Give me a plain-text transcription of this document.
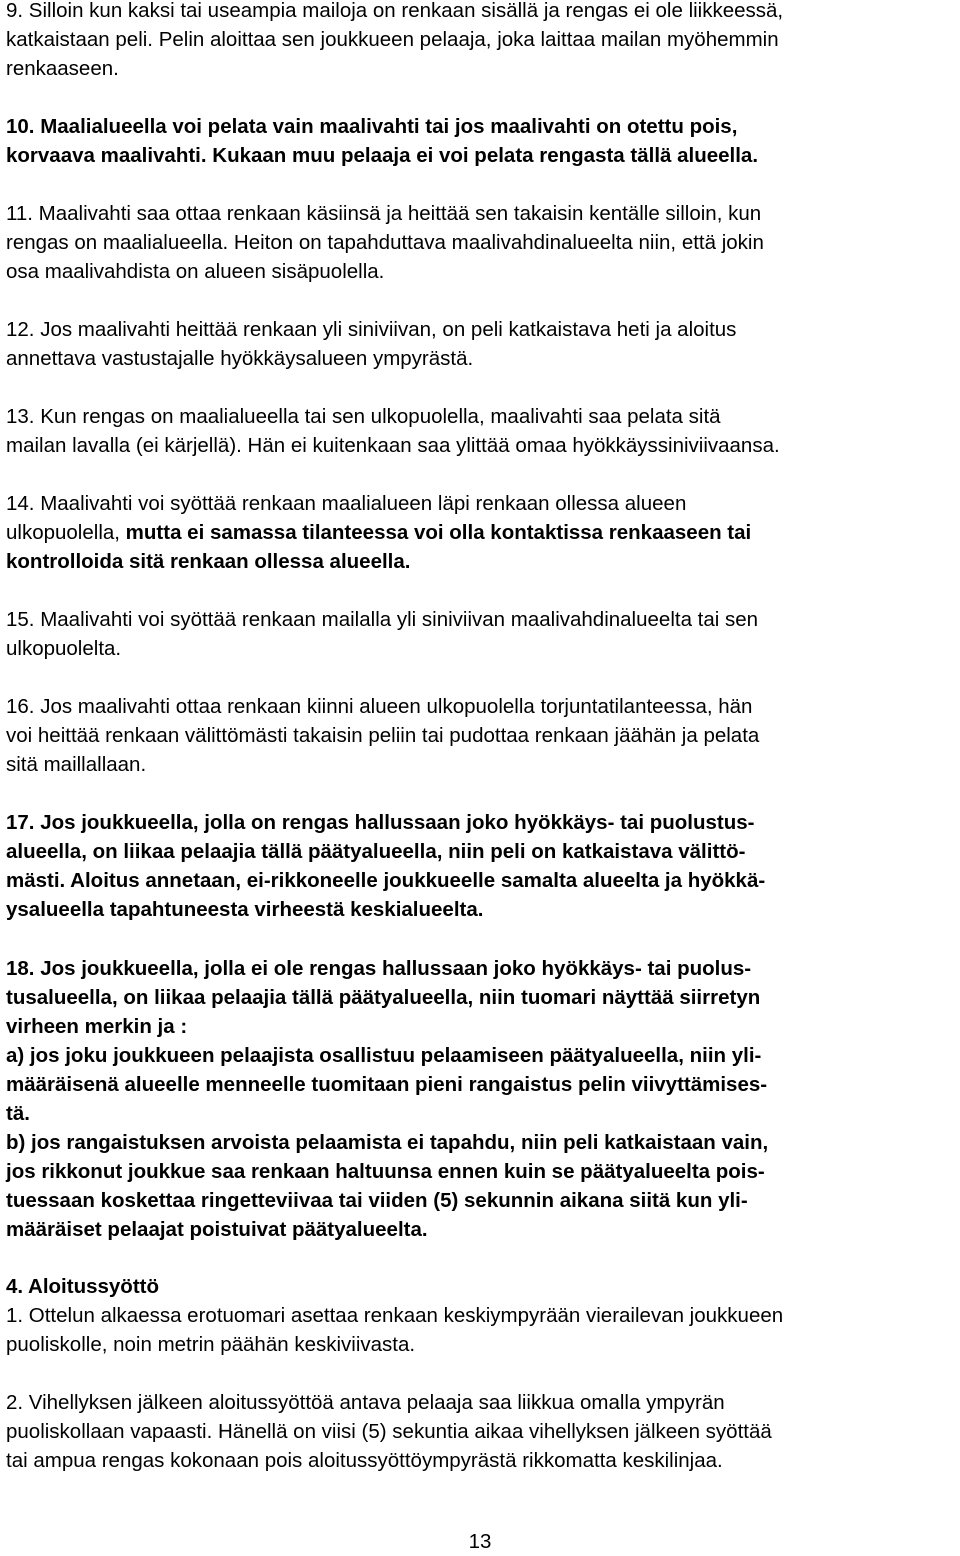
9. Silloin kun kaksi tai useampia mailoja on renkaan sisällä ja rengas ei ole liikkeessä,
katkaistaan peli. Pelin aloittaa sen joukkueen pelaaja, joka laittaa mailan myöhemmin
renkaaseen.

10. Maalialueella voi pelata vain maalivahti tai jos maalivahti on otettu pois,
korvaava maalivahti. Kukaan muu pelaaja ei voi pelata rengasta tällä alueella.

11. Maalivahti saa ottaa renkaan käsiinsä ja heittää sen takaisin kentälle silloin, kun
rengas on maalialueella. Heiton on tapahduttava maalivahdinalueelta niin, että jokin
osa maalivahdista on alueen sisäpuolella.

12. Jos maalivahti heittää renkaan yli siniviivan, on peli katkaistava heti ja aloitus
annettava vastustajalle hyökkäysalueen ympyrästä.

13. Kun rengas on maalialueella tai sen ulkopuolella, maalivahti saa pelata sitä
mailan lavalla (ei kärjellä). Hän ei kuitenkaan saa ylittää omaa hyökkäyssiniviivaansa.

14. Maalivahti voi syöttää renkaan maalialueen läpi renkaan ollessa alueen
ulkopuolella, mutta ei samassa tilanteessa voi olla kontaktissa renkaaseen tai
kontrolloida sitä renkaan ollessa alueella.

15. Maalivahti voi syöttää renkaan mailalla yli siniviivan maalivahdinalueelta tai sen
ulkopuolelta.

16. Jos maalivahti ottaa renkaan kiinni alueen ulkopuolella torjuntatilanteessa, hän
voi heittää renkaan välittömästi takaisin peliin tai pudottaa renkaan jäähän ja pelata
sitä maillallaan.

17. Jos joukkueella, jolla on rengas hallussaan joko hyökkäys- tai puolustus-
alueella, on liikaa pelaajia tällä päätyalueella, niin peli on katkaistava välittö-
mästi. Aloitus annetaan, ei-rikkoneelle joukkueelle samalta alueelta ja hyökkä-
ysalueella tapahtuneesta virheestä keskialueelta.

18. Jos joukkueella, jolla ei ole rengas hallussaan joko hyökkäys- tai puolus-
tusalueella, on liikaa pelaajia tällä päätyalueella, niin tuomari näyttää siirretyn
virheen merkin ja :
a) jos joku joukkueen pelaajista osallistuu pelaamiseen päätyalueella, niin yli-
määräisenä alueelle menneelle tuomitaan pieni rangaistus pelin viivyttämises-
tä.
b) jos rangaistuksen arvoista pelaamista ei tapahdu, niin peli katkaistaan vain,
jos rikkonut joukkue saa renkaan haltuunsa ennen kuin se päätyalueelta pois-
tuessaan koskettaa ringetteviivaa tai viiden (5) sekunnin aikana siitä kun yli-
määräiset pelaajat poistuivat päätyalueelta.

4. Aloitussyöttö

1. Ottelun alkaessa erotuomari asettaa renkaan keskiympyrään vierailevan joukkueen
puoliskolle, noin metrin päähän keskiviivasta.

2. Vihellyksen jälkeen aloitussyöttöä antava pelaaja saa liikkua omalla ympyrän
puoliskollaan vapaasti. Hänellä on viisi (5) sekuntia aikaa vihellyksen jälkeen syöttää
tai ampua rengas kokonaan pois aloitussyöttöympyrästä rikkomatta keskilinjaa.

13
